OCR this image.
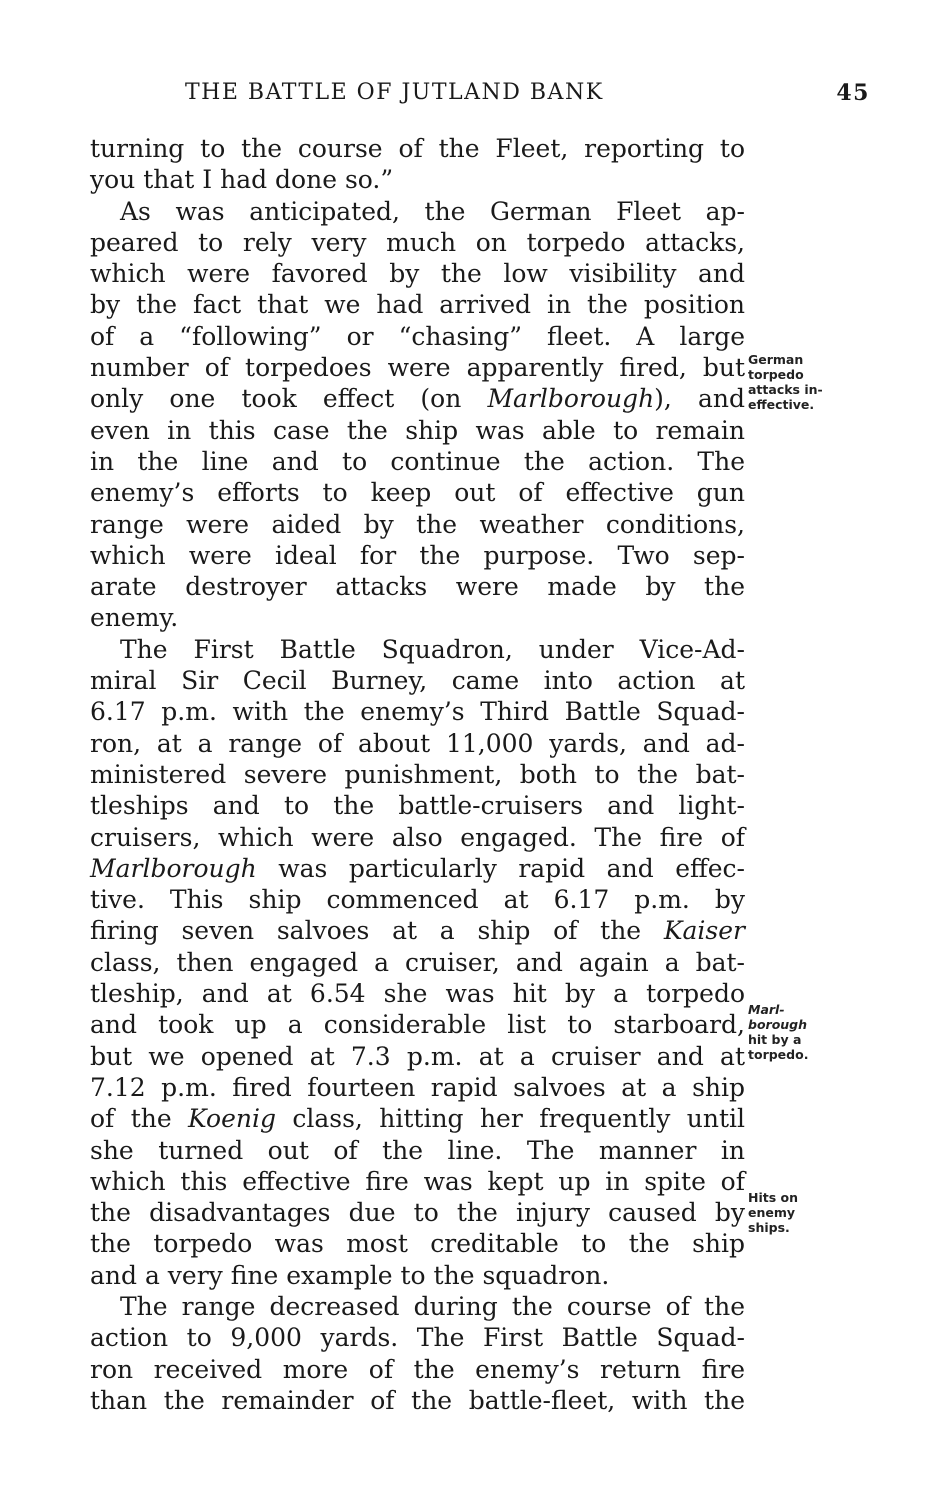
THE BATTLE OF JUTLAND BANK	45
turning to the course of the Fleet, reporting to
you that I had done so.”
As was anticipated, the German Fleet ap-
peared to rely very much on torpedo attacks,
which were favored by the low visibility and
by the fact that we had arrived in the position
of a “following” or “chasing” fleet. A large
number of torpedoes were apparently fired, but
only one took effect (on Marlborough), and
even in this case the ship was able to remain
in the line and to continue the action. The
enemy’s efforts to keep out of effective gun
range were aided by the weather conditions,
which were ideal for the purpose. Two sep-
arate destroyer attacks were made by the
enemy.
The First Battle Squadron, under Vice-Ad-
miral Sir Cecil Burney, came into action at
6.17 p.m. with the enemy’s Third Battle Squad-
ron, at a range of about 11,000 yards, and ad-
ministered severe punishment, both to the bat-
tleships and to the battle-cruisers and light-
cruisers, which were also engaged. The fire of
Marlborough was particularly rapid and effec-
tive. This ship commenced at 6.17 p.m. by
firing seven salvoes at a ship of the Kaiser
class, then engaged a cruiser, and again a bat-
tleship, and at 6.54 she was hit by a torpedo
and took up a considerable list to starboard,
but we opened at 7.3 p.m. at a cruiser and at
7.12 p.m. fired fourteen rapid salvoes at a ship
of the Koenig class, hitting her frequently until
she turned out of the line. The manner in
which this effective fire was kept up in spite of
the disadvantages due to the injury caused by
the torpedo was most creditable to the ship
and a very fine example to the squadron.
The range decreased during the course of the
action to 9,000 yards. The First Battle Squad-
ron received more of the enemy’s return fire
than the remainder of the battle-fleet, with the
German
torpedo
attacks in-
effective.
Marl-
borough
hit by a
torpedo.
Hits on
enemy
ships.
